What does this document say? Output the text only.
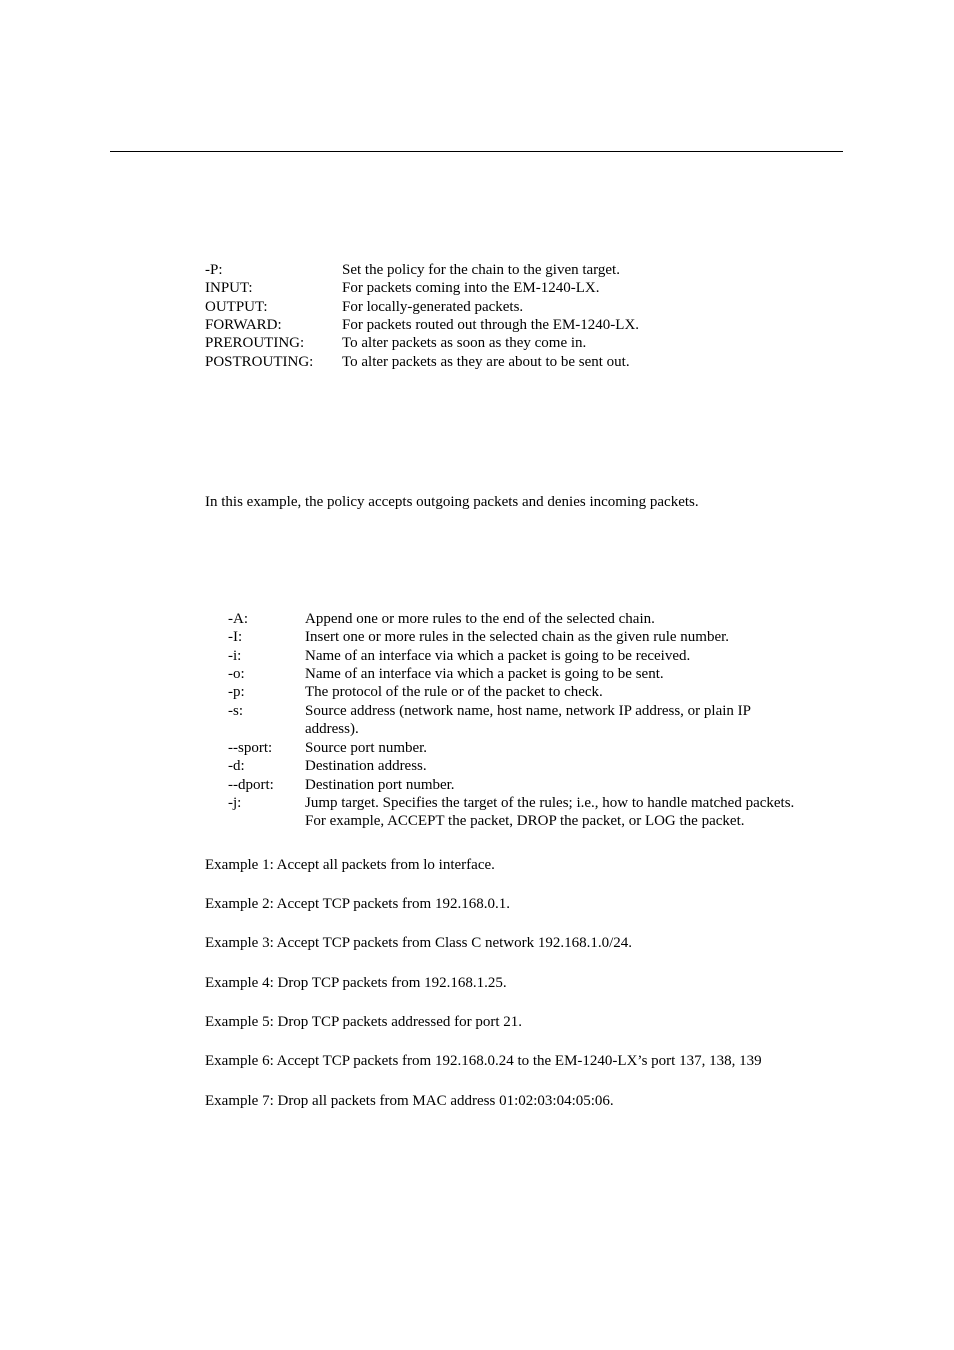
-P:	Set the policy for the chain to the given target.
INPUT:	For packets coming into the EM-1240-LX.
OUTPUT:	For locally-generated packets.
FORWARD:	For packets routed out through the EM-1240-LX.
PREROUTING:	To alter packets as soon as they come in.
POSTROUTING: To alter packets as they are about to be sent out.
In this example, the policy accepts outgoing packets and denies incoming packets.
-A:	Append one or more rules to the end of the selected chain.
-I:	Insert one or more rules in the selected chain as the given rule number.
-i:	Name of an interface via which a packet is going to be received.
-o:	Name of an interface via which a packet is going to be sent.
-p:	The protocol of the rule or of the packet to check.
-s:	Source address (network name, host name, network IP address, or plain IP
address).
--sport: Source port number.
-d:	Destination address.
--dport: Destination port number.
-j:	Jump target. Specifies the target of the rules; i.e., how to handle matched packets.
For example, ACCEPT the packet, DROP the packet, or LOG the packet.
Example 1: Accept all packets from lo interface.
Example 2: Accept TCP packets from 192.168.0.1.
Example 3: Accept TCP packets from Class C network 192.168.1.0/24.
Example 4: Drop TCP packets from 192.168.1.25.
Example 5: Drop TCP packets addressed for port 21.
Example 6: Accept TCP packets from 192.168.0.24 to the EM-1240-LX’s port 137, 138, 139
Example 7: Drop all packets from MAC address 01:02:03:04:05:06.
